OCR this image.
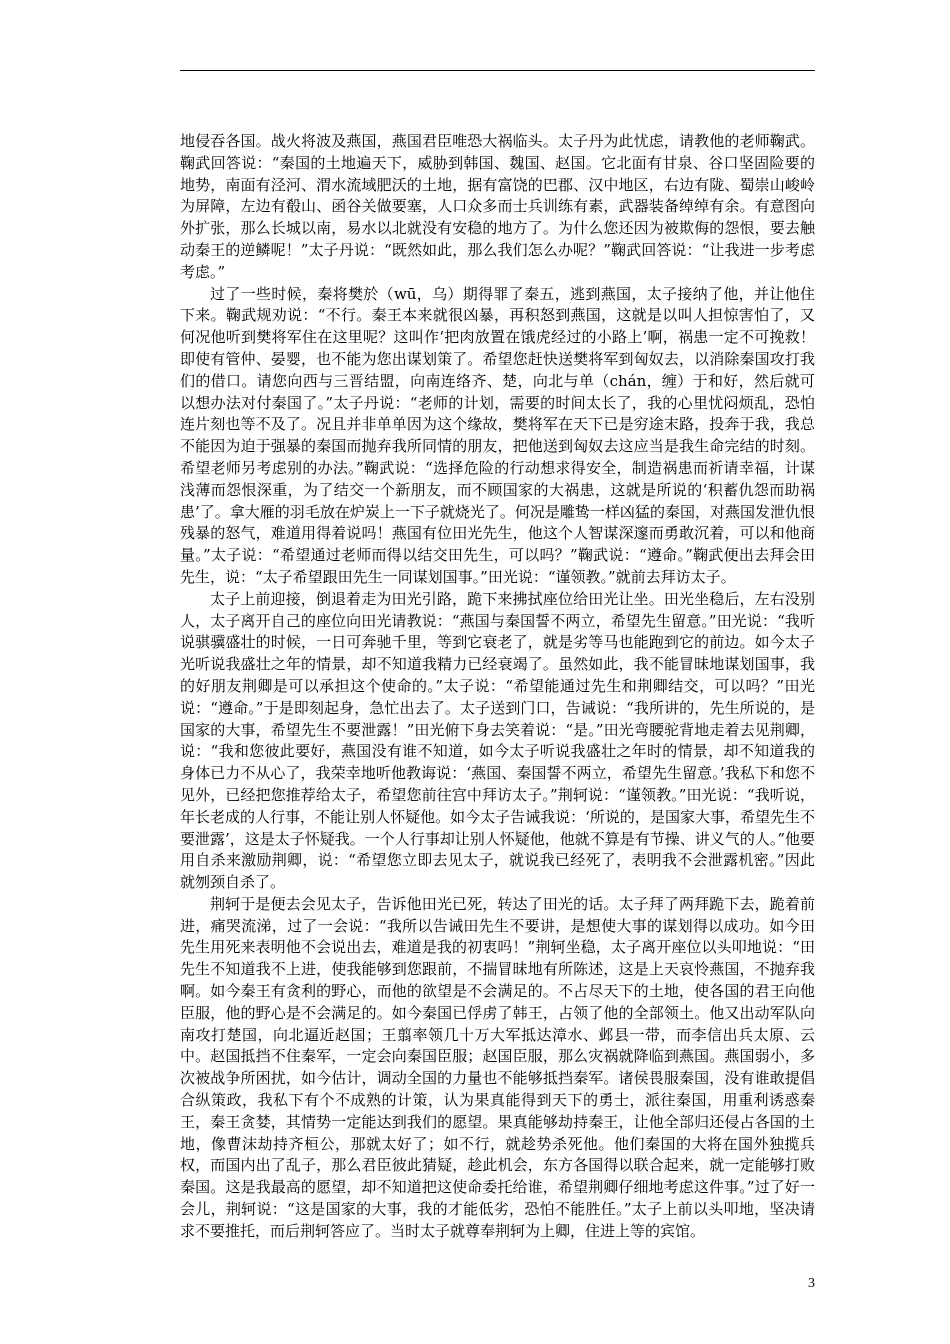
地侵吞各国。战火将波及燕国，燕国君臣唯恐大祸临头。太子丹为此忧虑，请教他的老师鞠武。鞠武回答说：“秦国的土地遍天下，威胁到韩国、魏国、赵国。它北面有甘泉、谷口坚固险要的地势，南面有泾河、渭水流域肥沃的土地，据有富饶的巴郡、汉中地区，右边有陇、蜀崇山峻岭为屏障，左边有殽山、函谷关做要塞，人口众多而士兵训练有素，武器装备绰绰有余。有意图向外扩张，那么长城以南，易水以北就没有安稳的地方了。为什么您还因为被欺侮的怨恨，要去触动秦王的逆鳞呢！”太子丹说：“既然如此，那么我们怎么办呢？”鞠武回答说：“让我进一步考虑考虑。”

过了一些时候，秦将樊於（wū，乌）期得罪了秦五，逃到燕国，太子接纳了他，并让他住下来。鞠武规劝说：“不行。秦王本来就很凶暴，再积怒到燕国，这就是以叫人担惊害怕了，又何况他听到樊将军住在这里呢？这叫作‘把肉放置在饿虎经过的小路上’啊，祸患一定不可挽救！即使有管仲、晏婴，也不能为您出谋划策了。希望您赶快送樊将军到匈奴去，以消除秦国攻打我们的借口。请您向西与三晋结盟，向南连络齐、楚，向北与单（chán，缠）于和好，然后就可以想办法对付秦国了。”太子丹说：“老师的计划，需要的时间太长了，我的心里忧闷烦乱，恐怕连片刻也等不及了。况且并非单单因为这个缘故，樊将军在天下已是穷途末路，投奔于我，我总不能因为迫于强暴的秦国而抛弃我所同情的朋友，把他送到匈奴去这应当是我生命完结的时刻。希望老师另考虑别的办法。”鞠武说：“选择危险的行动想求得安全，制造祸患而祈请幸福，计谋浅薄而怨恨深重，为了结交一个新朋友，而不顾国家的大祸患，这就是所说的‘积蓄仇怨而助祸患’了。拿大雁的羽毛放在炉炭上一下子就烧光了。何况是雕鸷一样凶猛的秦国，对燕国发泄仇恨残暴的怒气，难道用得着说吗！燕国有位田光先生，他这个人智谋深邃而勇敢沉着，可以和他商量。”太子说：“希望通过老师而得以结交田先生，可以吗？”鞠武说：“遵命。”鞠武便出去拜会田先生，说：“太子希望跟田先生一同谋划国事。”田光说：“谨领教。”就前去拜访太子。

太子上前迎接，倒退着走为田光引路，跪下来拂拭座位给田光让坐。田光坐稳后，左右没别人，太子离开自己的座位向田光请教说：“燕国与秦国誓不两立，希望先生留意。”田光说：“我听说骐骥盛壮的时候，一日可奔驰千里，等到它衰老了，就是劣等马也能跑到它的前边。如今太子光听说我盛壮之年的情景，却不知道我精力已经衰竭了。虽然如此，我不能冒昧地谋划国事，我的好朋友荆卿是可以承担这个使命的。”太子说：“希望能通过先生和荆卿结交，可以吗？”田光说：“遵命。”于是即刻起身，急忙出去了。太子送到门口，告诫说：“我所讲的，先生所说的，是国家的大事，希望先生不要泄露！”田光俯下身去笑着说：“是。”田光弯腰驼背地走着去见荆卿，说：“我和您彼此要好，燕国没有谁不知道，如今太子听说我盛壮之年时的情景，却不知道我的身体已力不从心了，我荣幸地听他教诲说：‘燕国、秦国誓不两立，希望先生留意。’我私下和您不见外，已经把您推荐给太子，希望您前往宫中拜访太子。”荆轲说：“谨领教。”田光说：“我听说，年长老成的人行事，不能让别人怀疑他。如今太子告诫我说：‘所说的，是国家大事，希望先生不要泄露’，这是太子怀疑我。一个人行事却让别人怀疑他，他就不算是有节操、讲义气的人。”他要用自杀来激励荆卿，说：“希望您立即去见太子，就说我已经死了，表明我不会泄露机密。”因此就刎颈自杀了。

荆轲于是便去会见太子，告诉他田光已死，转达了田光的话。太子拜了两拜跪下去，跪着前进，痛哭流涕，过了一会说：“我所以告诫田先生不要讲，是想使大事的谋划得以成功。如今田先生用死来表明他不会说出去，难道是我的初衷吗！”荆轲坐稳，太子离开座位以头叩地说：“田先生不知道我不上进，使我能够到您跟前，不揣冒昧地有所陈述，这是上天哀怜燕国，不抛弃我啊。如今秦王有贪利的野心，而他的欲望是不会满足的。不占尽天下的土地，使各国的君王向他臣服，他的野心是不会满足的。如今秦国已俘虏了韩王，占领了他的全部领土。他又出动军队向南攻打楚国，向北逼近赵国；王翦率领几十万大军抵达漳水、邺县一带，而李信出兵太原、云中。赵国抵挡不住秦军，一定会向秦国臣服；赵国臣服，那么灾祸就降临到燕国。燕国弱小，多次被战争所困扰，如今估计，调动全国的力量也不能够抵挡秦军。诸侯畏服秦国，没有谁敢提倡合纵策政，我私下有个不成熟的计策，认为果真能得到天下的勇士，派往秦国，用重利诱惑秦王，秦王贪婪，其情势一定能达到我们的愿望。果真能够劫持秦王，让他全部归还侵占各国的土地，像曹沫劫持齐桓公，那就太好了；如不行，就趁势杀死他。他们秦国的大将在国外独揽兵权，而国内出了乱子，那么君臣彼此猜疑，趁此机会，东方各国得以联合起来，就一定能够打败秦国。这是我最高的愿望，却不知道把这使命委托给谁，希望荆卿仔细地考虑这件事。”过了好一会儿，荆轲说：“这是国家的大事，我的才能低劣，恐怕不能胜任。”太子上前以头叩地，坚决请求不要推托，而后荆轲答应了。当时太子就尊奉荆轲为上卿，住进上等的宾馆。

3
